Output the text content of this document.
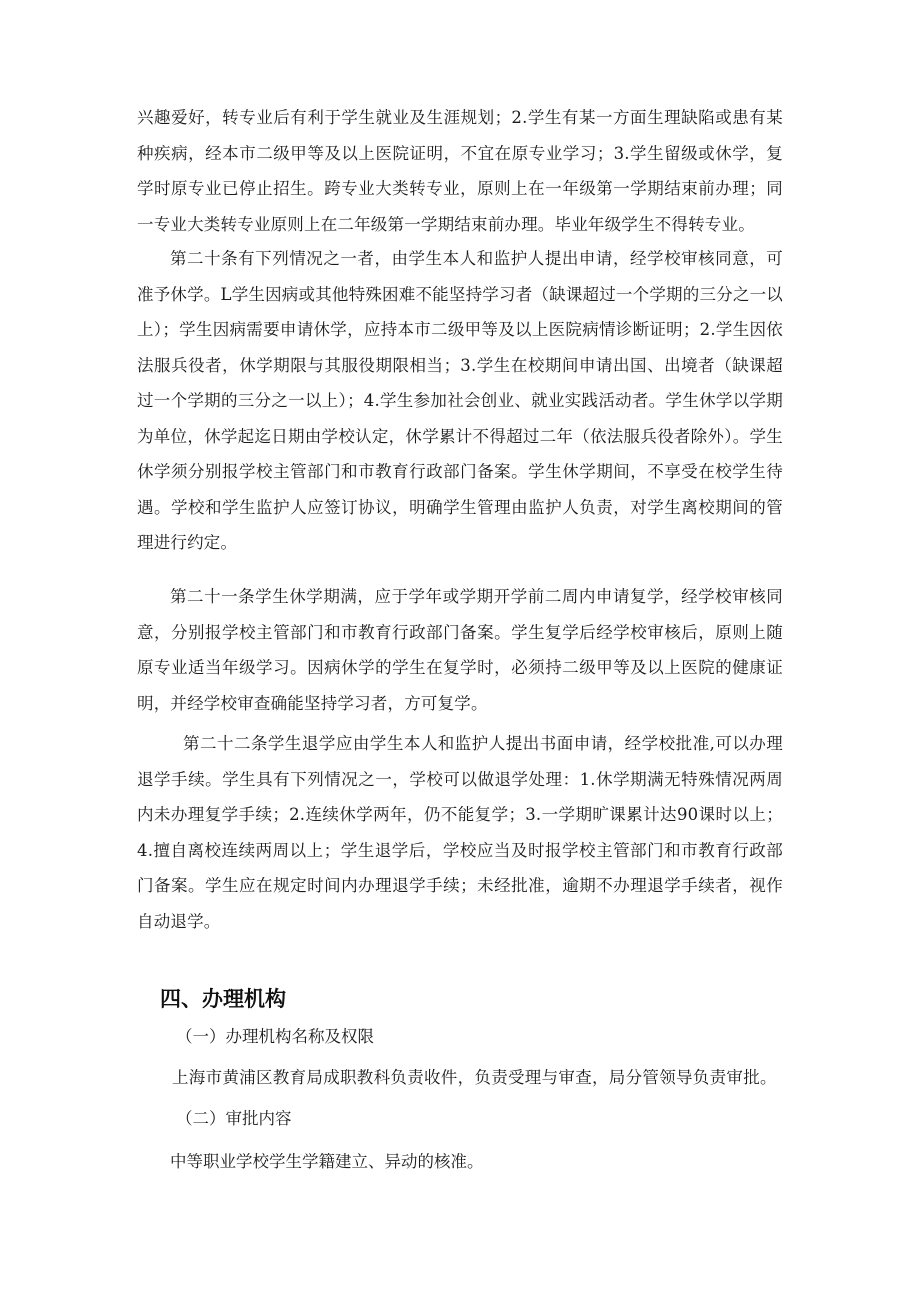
兴趣爱好，转专业后有利于学生就业及生涯规划；2.学生有某一方面生理缺陷或患有某种疾病，经本市二级甲等及以上医院证明，不宜在原专业学习；3.学生留级或休学，复学时原专业已停止招生。跨专业大类转专业，原则上在一年级第一学期结束前办理；同一专业大类转专业原则上在二年级第一学期结束前办理。毕业年级学生不得转专业。

第二十条有下列情况之一者，由学生本人和监护人提出申请，经学校审核同意，可准予休学。L学生因病或其他特殊困难不能坚持学习者（缺课超过一个学期的三分之一以上）；学生因病需要申请休学，应持本市二级甲等及以上医院病情诊断证明；2.学生因依法服兵役者，休学期限与其服役期限相当；3.学生在校期间申请出国、出境者（缺课超过一个学期的三分之一以上）；4.学生参加社会创业、就业实践活动者。学生休学以学期为单位，休学起迄日期由学校认定，休学累计不得超过二年（依法服兵役者除外）。学生休学须分别报学校主管部门和市教育行政部门备案。学生休学期间，不享受在校学生待遇。学校和学生监护人应签订协议，明确学生管理由监护人负责，对学生离校期间的管理进行约定。

第二十一条学生休学期满，应于学年或学期开学前二周内申请复学，经学校审核同意，分别报学校主管部门和市教育行政部门备案。学生复学后经学校审核后，原则上随原专业适当年级学习。因病休学的学生在复学时，必须持二级甲等及以上医院的健康证明，并经学校审查确能坚持学习者，方可复学。

第二十二条学生退学应由学生本人和监护人提出书面申请，经学校批准,可以办理退学手续。学生具有下列情况之一，学校可以做退学处理：1.休学期满无特殊情况两周内未办理复学手续；2.连续休学两年，仍不能复学；3.一学期旷课累计达90课时以上；4.擅自离校连续两周以上；学生退学后，学校应当及时报学校主管部门和市教育行政部门备案。学生应在规定时间内办理退学手续；未经批准，逾期不办理退学手续者，视作自动退学。

四、办理机构
（一）办理机构名称及权限
上海市黄浦区教育局成职教科负责收件，负责受理与审查，局分管领导负责审批。
（二）审批内容
中等职业学校学生学籍建立、异动的核准。
